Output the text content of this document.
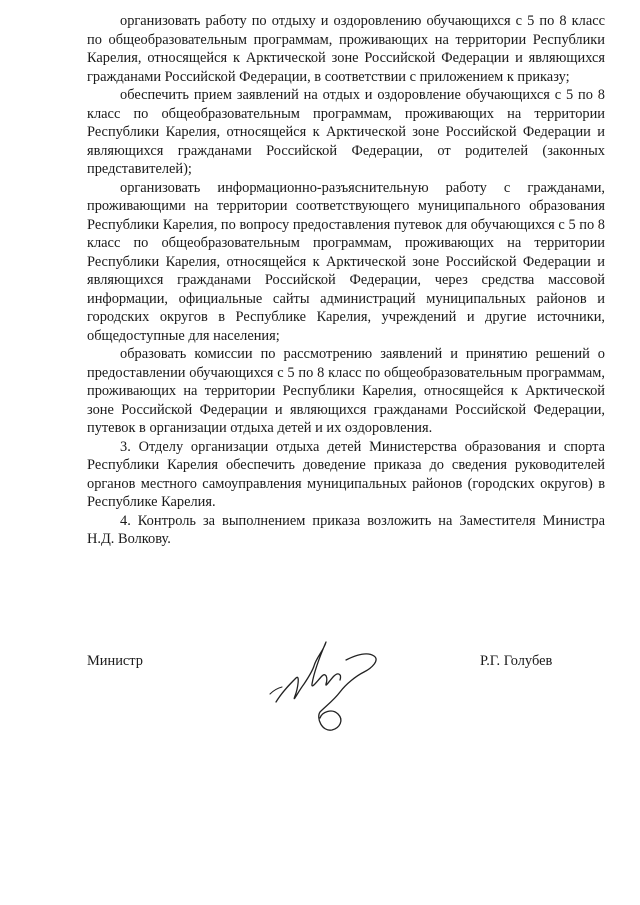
организовать работу по отдыху и оздоровлению обучающихся с 5 по 8 класс по общеобразовательным программам, проживающих на территории Республики Карелия, относящейся к Арктической зоне Российской Федерации и являющихся гражданами Российской Федерации, в соответствии с приложением к приказу;

обеспечить прием заявлений на отдых и оздоровление обучающихся с 5 по 8 класс по общеобразовательным программам, проживающих на территории Республики Карелия, относящейся к Арктической зоне Российской Федерации и являющихся гражданами Российской Федерации, от родителей (законных представителей);

организовать информационно-разъяснительную работу с гражданами, проживающими на территории соответствующего муниципального образования Республики Карелия, по вопросу предоставления путевок для обучающихся с 5 по 8 класс по общеобразовательным программам, проживающих на территории Республики Карелия, относящейся к Арктической зоне Российской Федерации и являющихся гражданами Российской Федерации, через средства массовой информации, официальные сайты администраций муниципальных районов и городских округов в Республике Карелия, учреждений и другие источники, общедоступные для населения;

образовать комиссии по рассмотрению заявлений и принятию решений о предоставлении обучающихся с 5 по 8 класс по общеобразовательным программам, проживающих на территории Республики Карелия, относящейся к Арктической зоне Российской Федерации и являющихся гражданами Российской Федерации, путевок в организации отдыха детей и их оздоровления.

3. Отделу организации отдыха детей Министерства образования и спорта Республики Карелия обеспечить доведение приказа до сведения руководителей органов местного самоуправления муниципальных районов (городских округов) в Республике Карелия.

4. Контроль за выполнением приказа возложить на Заместителя Министра Н.Д. Волкову.

Министр	Р.Г. Голубев
